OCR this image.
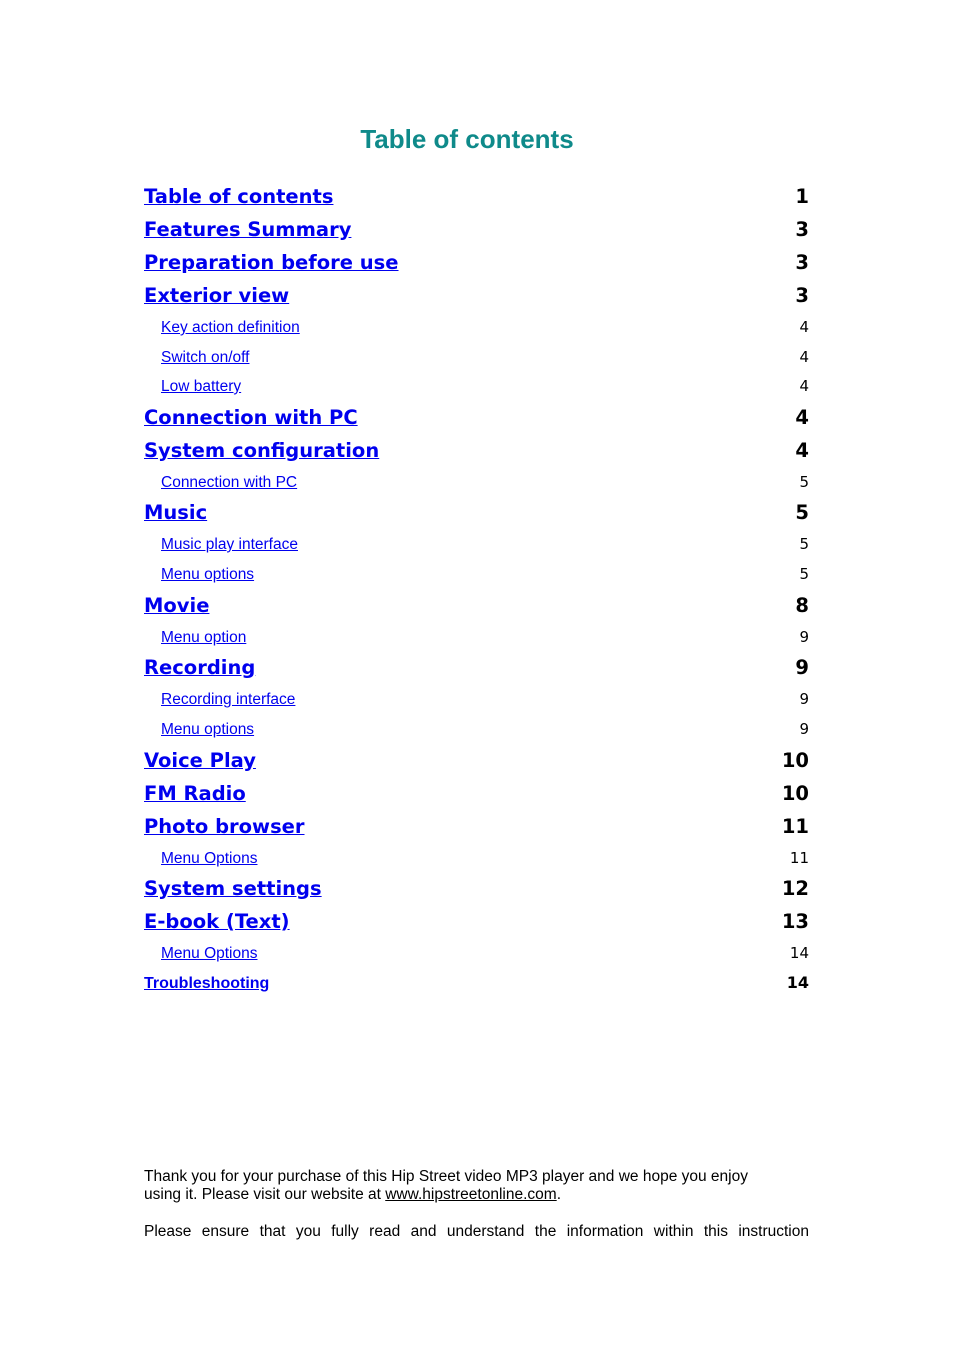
Table of contents
Table of contents	1
Features Summary	3
Preparation before use	3
Exterior view	3
Key action definition	4
Switch on/off	4
Low battery	4
Connection with PC	4
System configuration	4
Connection with PC	5
Music	5
Music play interface	5
Menu options	5
Movie	8
Menu option	9
Recording	9
Recording interface	9
Menu options	9
Voice Play	10
FM Radio	10
Photo browser	11
Menu Options	11
System settings	12
E-book (Text)	13
Menu Options	14
Troubleshooting	14
Thank you for your purchase of this Hip Street video MP3 player and we hope you enjoy
using it. Please visit our website at www.hipstreetonline.com.
Please ensure that you fully read and understand the information within this instruction
